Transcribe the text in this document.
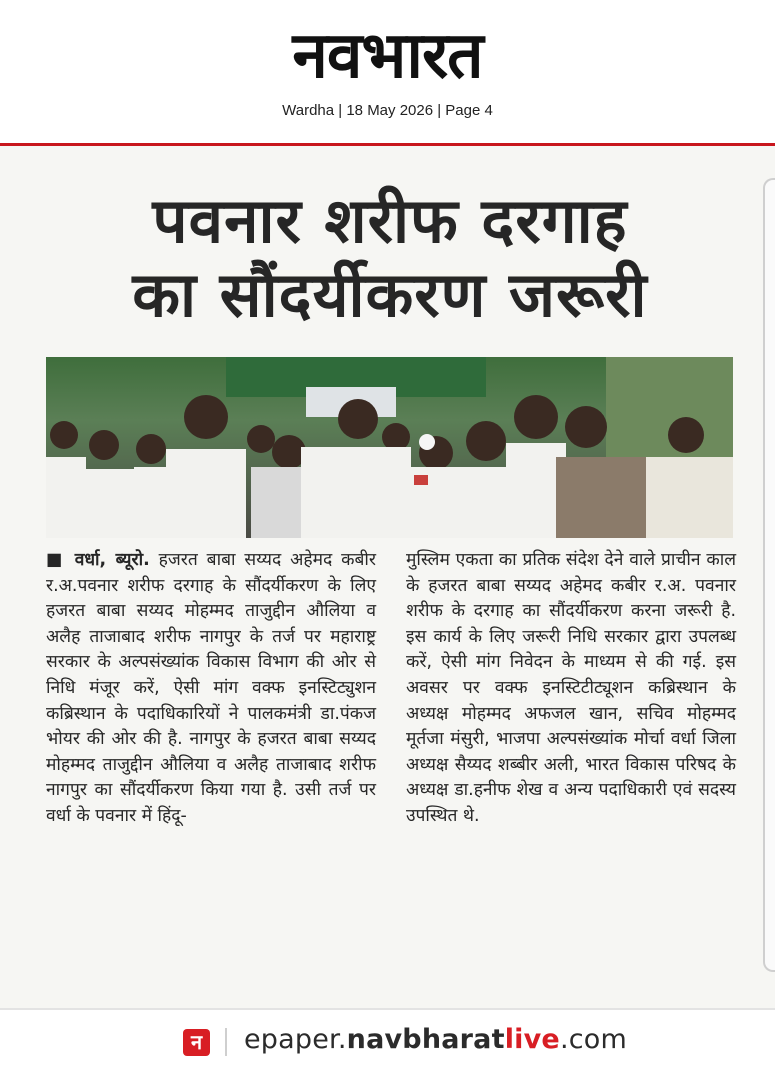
नवभारत
Wardha | 18 May 2026 | Page 4
पवनार शरीफ दरगाह
का सौंदर्यीकरण जरूरी
■ वर्धा, ब्यूरो. हजरत बाबा सय्यद अहेमद कबीर र.अ.पवनार शरीफ दरगाह के सौंदर्यीकरण के लिए हजरत बाबा सय्यद मोहम्मद ताजुद्दीन औलिया व अलैह ताजाबाद शरीफ नागपुर के तर्ज पर महाराष्ट्र सरकार के अल्पसंख्यांक विकास विभाग की ओर से निधि मंजूर करें, ऐसी मांग वक्फ इनस्टिट्युशन कब्रिस्थान के पदाधिकारियों ने पालकमंत्री डा.पंकज भोयर की ओर की है. नागपुर के हजरत बाबा सय्यद मोहम्मद ताजुद्दीन औलिया व अलैह ताजाबाद शरीफ नागपुर का सौंदर्यीकरण किया गया है. उसी तर्ज पर वर्धा के पवनार में हिंदू-
मुस्लिम एकता का प्रतिक संदेश देने वाले प्राचीन काल के हजरत बाबा सय्यद अहेमद कबीर र.अ. पवनार शरीफ के दरगाह का सौंदर्यीकरण करना जरूरी है. इस कार्य के लिए जरूरी निधि सरकार द्वारा उपलब्ध करें, ऐसी मांग निवेदन के माध्यम से की गई. इस अवसर पर वक्फ इनस्टिटीट्यूशन कब्रिस्थान के अध्यक्ष मोहम्मद अफजल खान, सचिव मोहम्मद मूर्तजा मंसुरी, भाजपा अल्पसंख्यांक मोर्चा वर्धा जिला अध्यक्ष सैय्यद शब्बीर अली, भारत विकास परिषद के अध्यक्ष डा.हनीफ शेख व अन्य पदाधिकारी एवं सदस्य उपस्थित थे.
न epaper.navbharatlive.com
